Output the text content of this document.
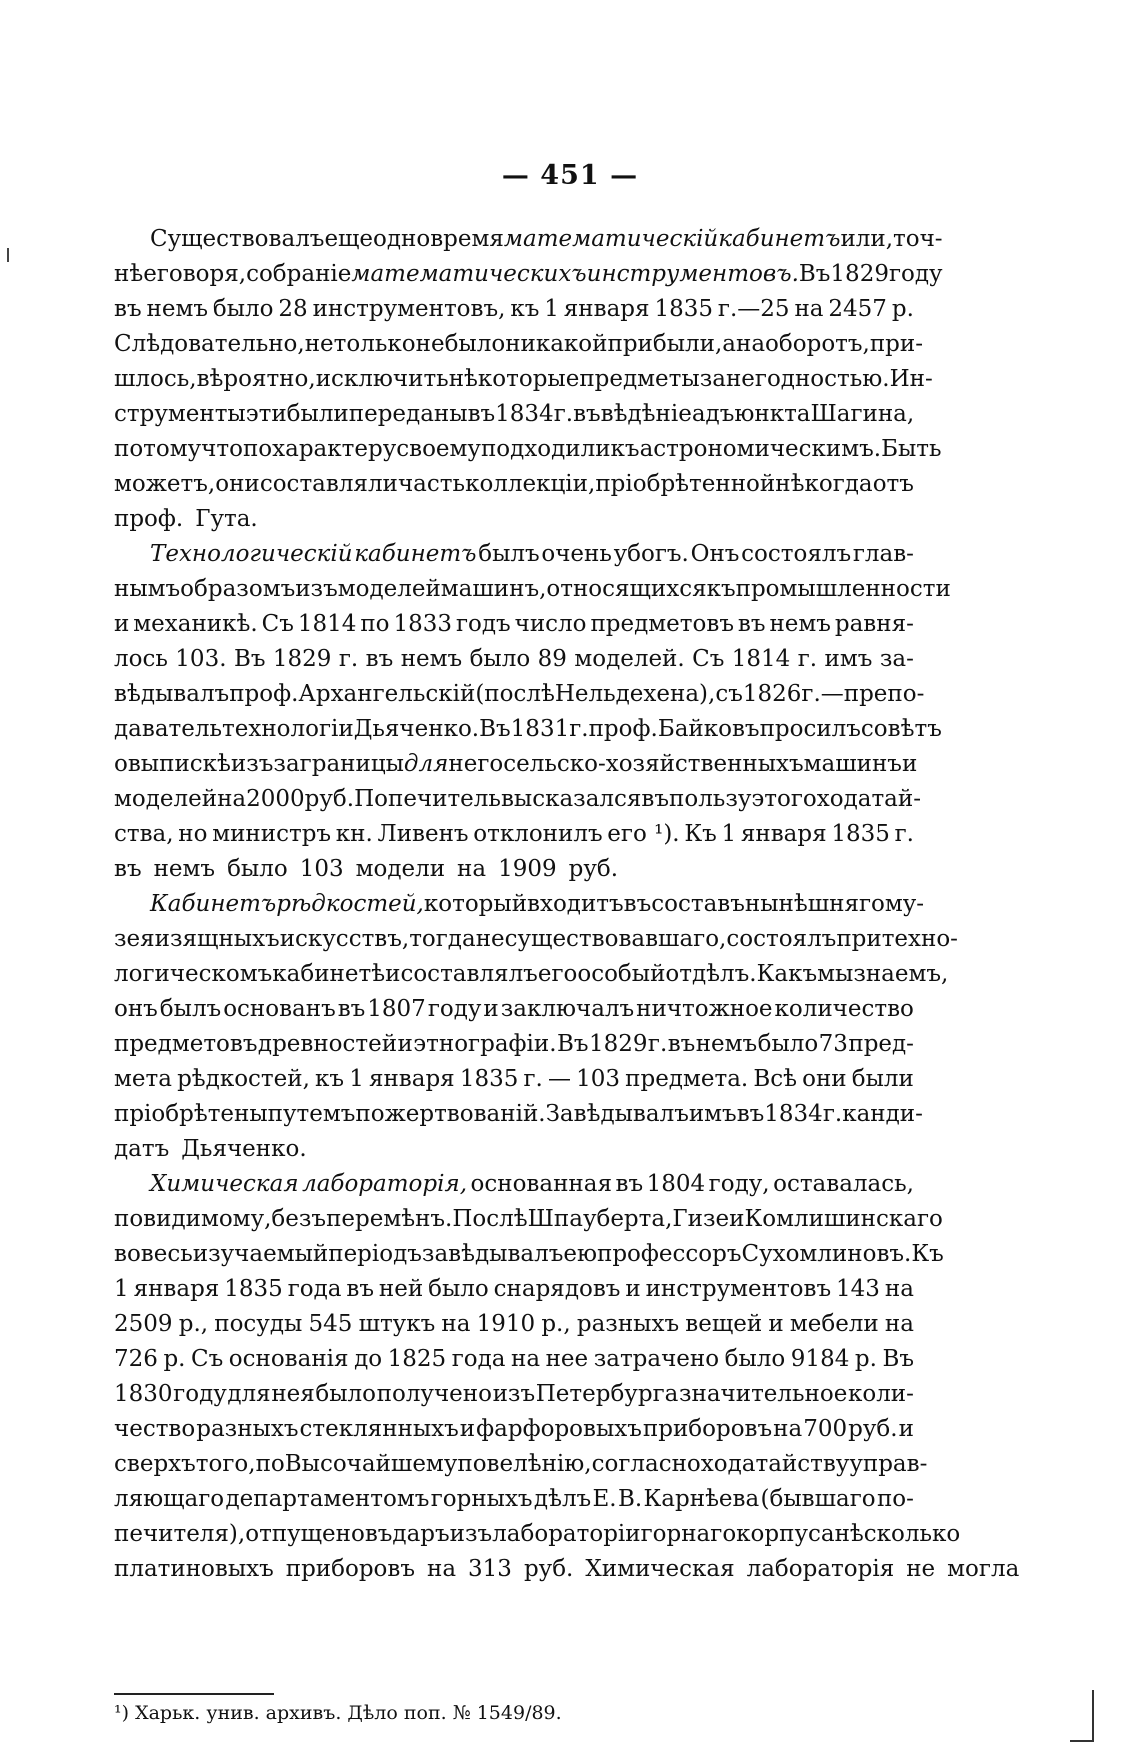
— 451 —
Существовалъ еще одно время математическій кабинетъ или, точ-
нѣе говоря, собраніе математическихъ инструментовъ. Въ 1829 году
въ немъ было 28 инструментовъ, къ 1 января 1835 г.—25 на 2457 р.
Слѣдовательно, не только не было никакой прибыли, а наоборотъ, при-
шлось, вѣроятно, исключить нѣкоторые предметы за негодностью. Ин-
струменты эти были переданы въ 1834 г. въ вѣдѣніе адъюнкта Шагина,
потому что по характеру своему подходили къ астрономическимъ. Быть
можетъ, они составляли часть коллекціи, пріобрѣтенной нѣкогда отъ
проф. Гута.
Технологическій кабинетъ былъ очень убогъ. Онъ состоялъ глав-
нымъ образомъ изъ моделей машинъ, относящихся къ промышленности
и механикѣ. Съ 1814 по 1833 годъ число предметовъ въ немъ равня-
лось 103. Въ 1829 г. въ немъ было 89 моделей. Съ 1814 г. имъ за-
вѣдывалъ проф. Архангельскій (послѣ Нельдехена), съ 1826 г.—препо-
даватель технологіи Дьяченко. Въ 1831 г. проф. Байковъ просилъ совѣтъ
о выпискѣ изъ заграницы для него сельско-хозяйственныхъ машинъ и
моделей на 2000 руб. Попечитель высказался въ пользу этого ходатай-
ства, но министръ кн. Ливенъ отклонилъ его ¹). Къ 1 января 1835 г.
въ немъ было 103 модели на 1909 руб.
Кабинетъ рѣдкостей, который входитъ въ составъ нынѣшняго му-
зея изящныхъ искусствъ, тогда не существовавшаго, состоялъ при техно-
логическомъ кабинетѣ и составлялъ его особый отдѣлъ. Какъ мы знаемъ,
онъ былъ основанъ въ 1807 году и заключалъ ничтожное количество
предметовъ древностей и этнографіи. Въ 1829 г. въ немъ было 73 пред-
мета рѣдкостей, къ 1 января 1835 г. — 103 предмета. Всѣ они были
пріобрѣтены путемъ пожертвованій. Завѣдывалъ имъ въ 1834 г. канди-
датъ Дьяченко.
Химическая лабораторія, основанная въ 1804 году, оставалась,
повидимому, безъ перемѣнъ. Послѣ Шпауберта, Гизе и Комлишинскаго
во весь изучаемый періодъ завѣдывалъ ею профессоръ Сухомлиновъ. Къ
1 января 1835 года въ ней было снарядовъ и инструментовъ 143 на
2509 р., посуды 545 штукъ на 1910 р., разныхъ вещей и мебели на
726 р. Съ основанія до 1825 года на нее затрачено было 9184 р. Въ
1830 году для нея было получено изъ Петербурга значительное коли-
чество разныхъ стеклянныхъ и фарфоровыхъ приборовъ на 700 руб. и
сверхъ того, по Высочайшему повелѣнію, согласно ходатайству управ-
ляющаго департаментомъ горныхъ дѣлъ Е. В. Карнѣева (бывшаго по-
печителя), отпущено въ даръ изъ лабораторіи горнаго корпуса нѣсколько
платиновыхъ приборовъ на 313 руб. Химическая лабораторія не могла
¹) Харьк. унив. архивъ. Дѣло поп. № 1549/89.
